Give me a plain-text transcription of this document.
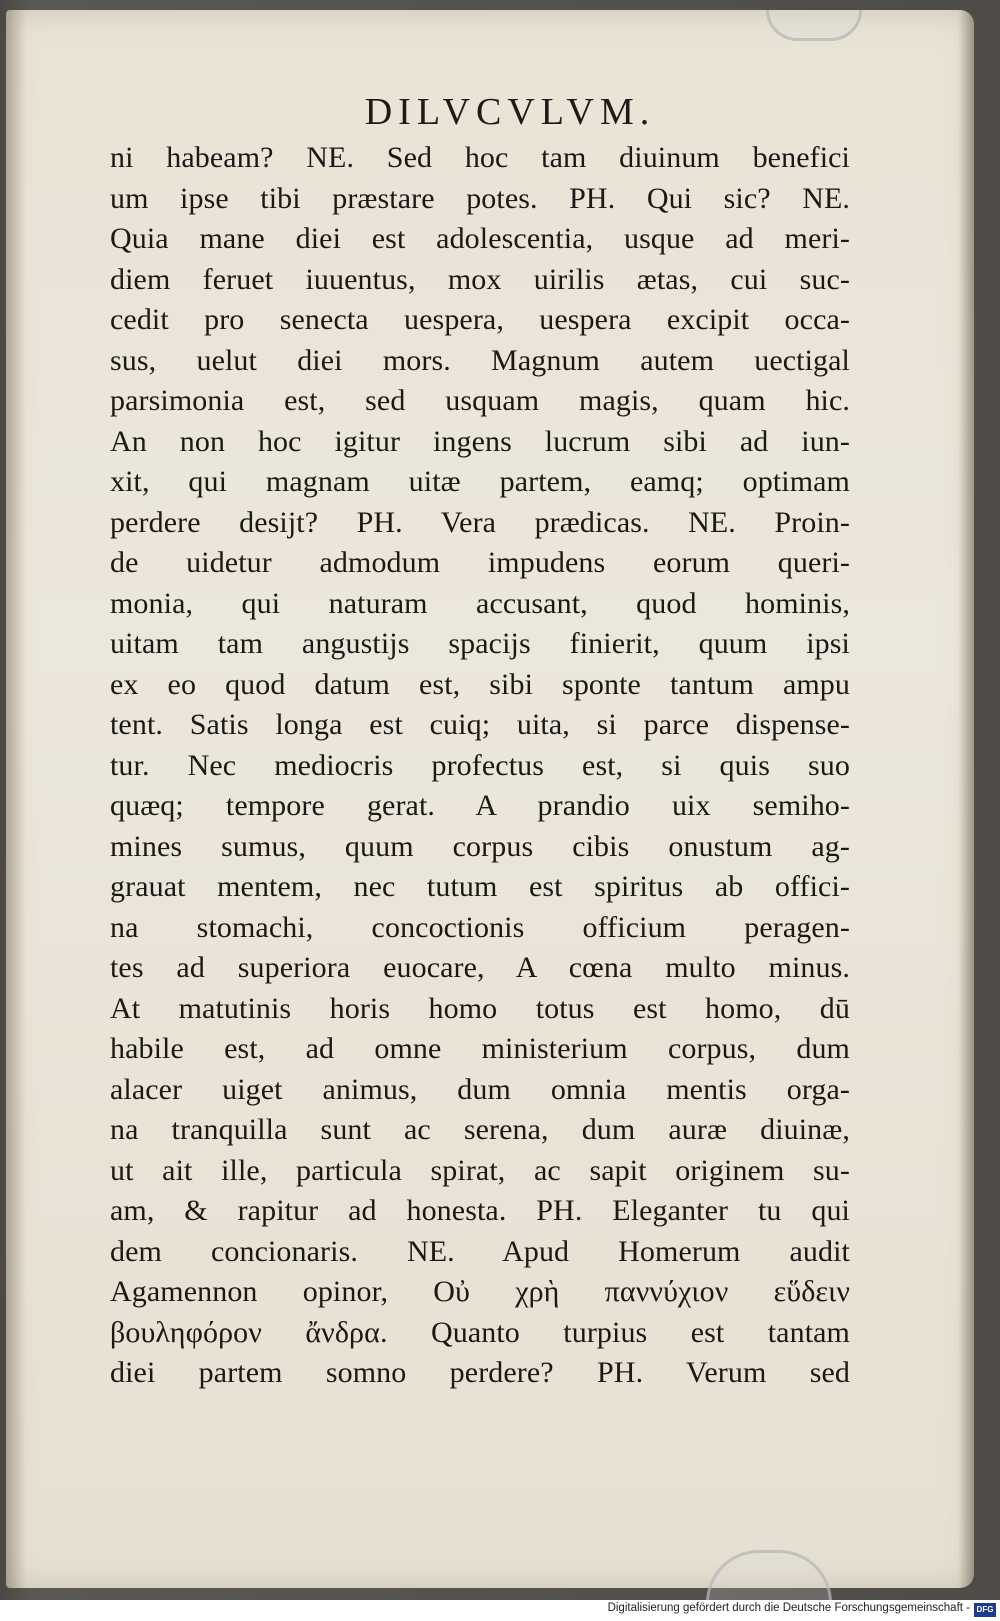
DILVCVLVM.
ni habeam? NE. Sed hoc tam diuinum benefici
um ipse tibi præstare potes. PH. Qui sic? NE.
Quia mane diei est adolescentia, usque ad meri-
diem feruet iuuentus, mox uirilis ætas, cui suc-
cedit pro senecta uespera, uespera excipit occa-
sus, uelut diei mors. Magnum autem uectigal
parsimonia est, sed usquam magis, quam hic.
An non hoc igitur ingens lucrum sibi ad iun-
xit, qui magnam uitæ partem, eamq; optimam
perdere desijt? PH. Vera prædicas. NE. Proin-
de uidetur admodum impudens eorum queri-
monia, qui naturam accusant, quod hominis,
uitam tam angustijs spacijs finierit, quum ipsi
ex eo quod datum est, sibi sponte tantum ampu
tent. Satis longa est cuiq; uita, si parce dispense-
tur. Nec mediocris profectus est, si quis suo
quæq; tempore gerat. A prandio uix semiho-
mines sumus, quum corpus cibis onustum ag-
grauat mentem, nec tutum est spiritus ab offici-
na stomachi, concoctionis officium peragen-
tes ad superiora euocare, A cœna multo minus.
At matutinis horis homo totus est homo, dū
habile est, ad omne ministerium corpus, dum
alacer uiget animus, dum omnia mentis orga-
na tranquilla sunt ac serena, dum auræ diuinæ,
ut ait ille, particula spirat, ac sapit originem su-
am, & rapitur ad honesta. PH. Eleganter tu qui
dem concionaris. NE. Apud Homerum audit
Agamennon opinor, Οὐ χρὴ παννύχιον εὕδειν
βουληφόρον ἄνδρα. Quanto turpius est tantam
diei partem somno perdere? PH. Verum sed
Digitalisierung gefördert durch die Deutsche Forschungsgemeinschaft - DFG
